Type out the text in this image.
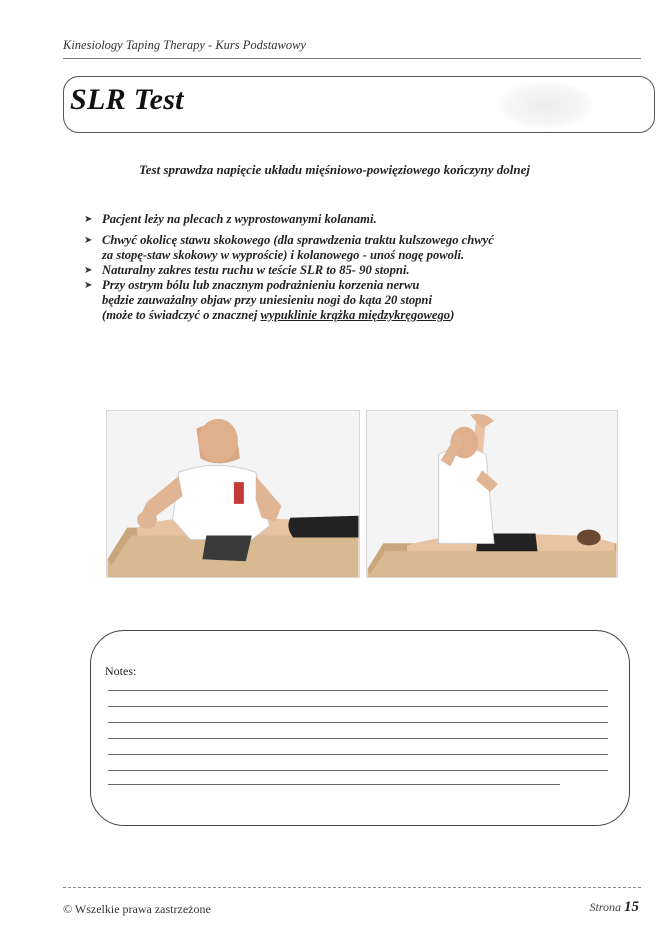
Kinesiology Taping Therapy - Kurs Podstawowy
SLR Test
Test sprawdza napięcie układu mięśniowo-powięziowego kończyny dolnej
➤ Pacjent leży na plecach z wyprostowanymi kolanami.
➤ Chwyć okolicę stawu skokowego (dla sprawdzenia traktu kulszowego chwyć
za stopę-staw skokowy w wyproście) i kolanowego - unoś nogę powoli.
➤ Naturalny zakres testu ruchu w teście SLR to 85- 90 stopni.
➤ Przy ostrym bólu lub znacznym podrażnieniu korzenia nerwu
będzie zauważalny objaw przy uniesieniu nogi do kąta 20 stopni
(może to świadczyć o znacznej wypuklinie krążka międzykręgowego)
Notes:
© Wszelkie prawa zastrzeżone	Strona 15
